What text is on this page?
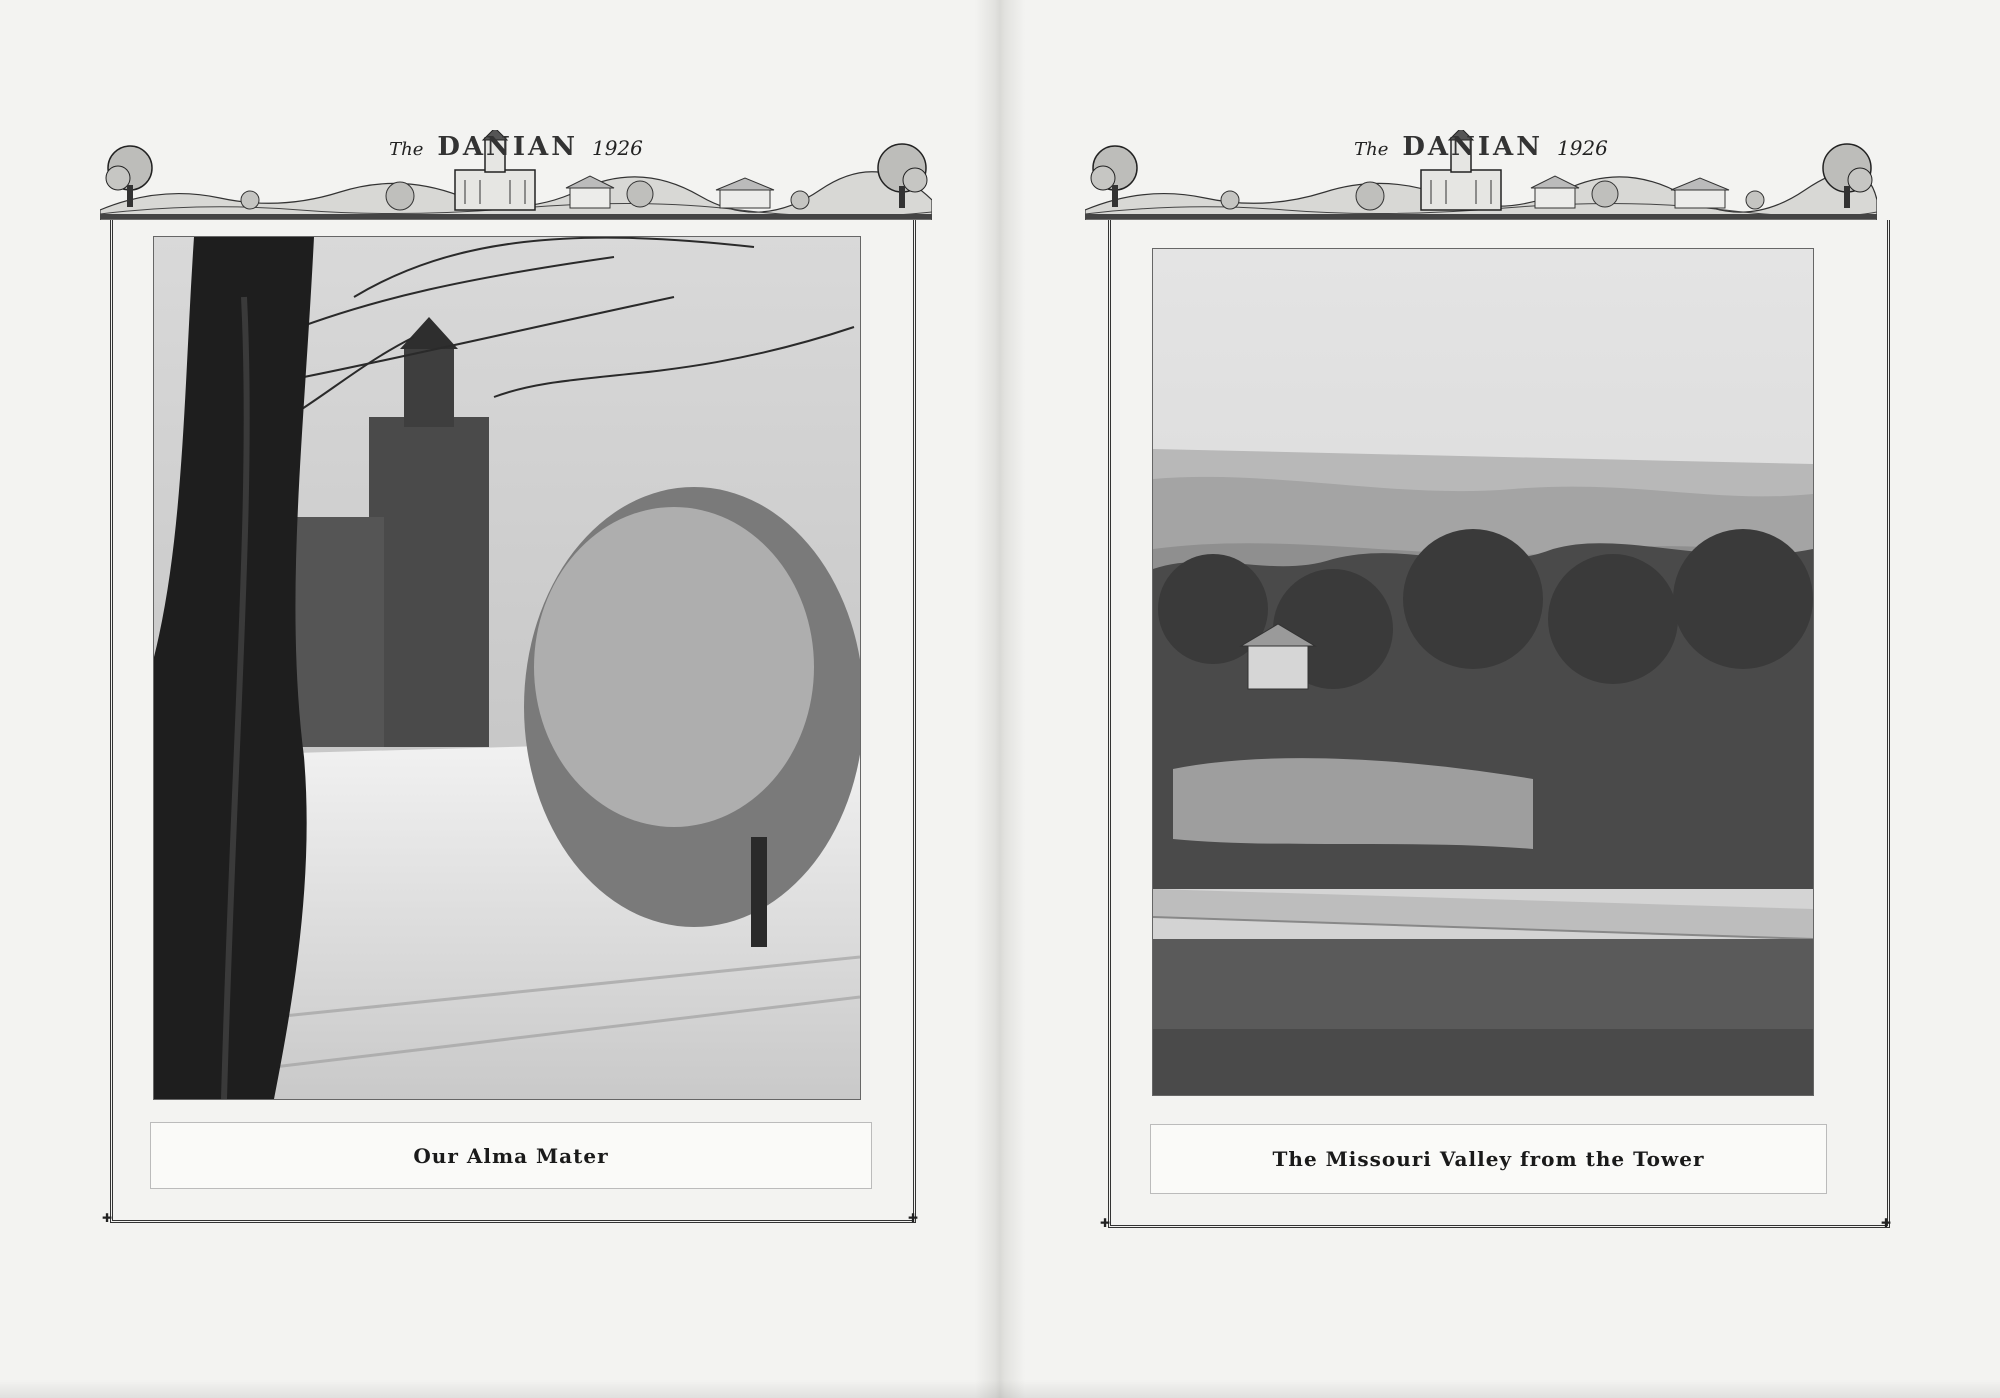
The DANIAN 1926
✚	✚
Our Alma Mater
The DANIAN 1926
✚	✚
The Missouri Valley from the Tower
